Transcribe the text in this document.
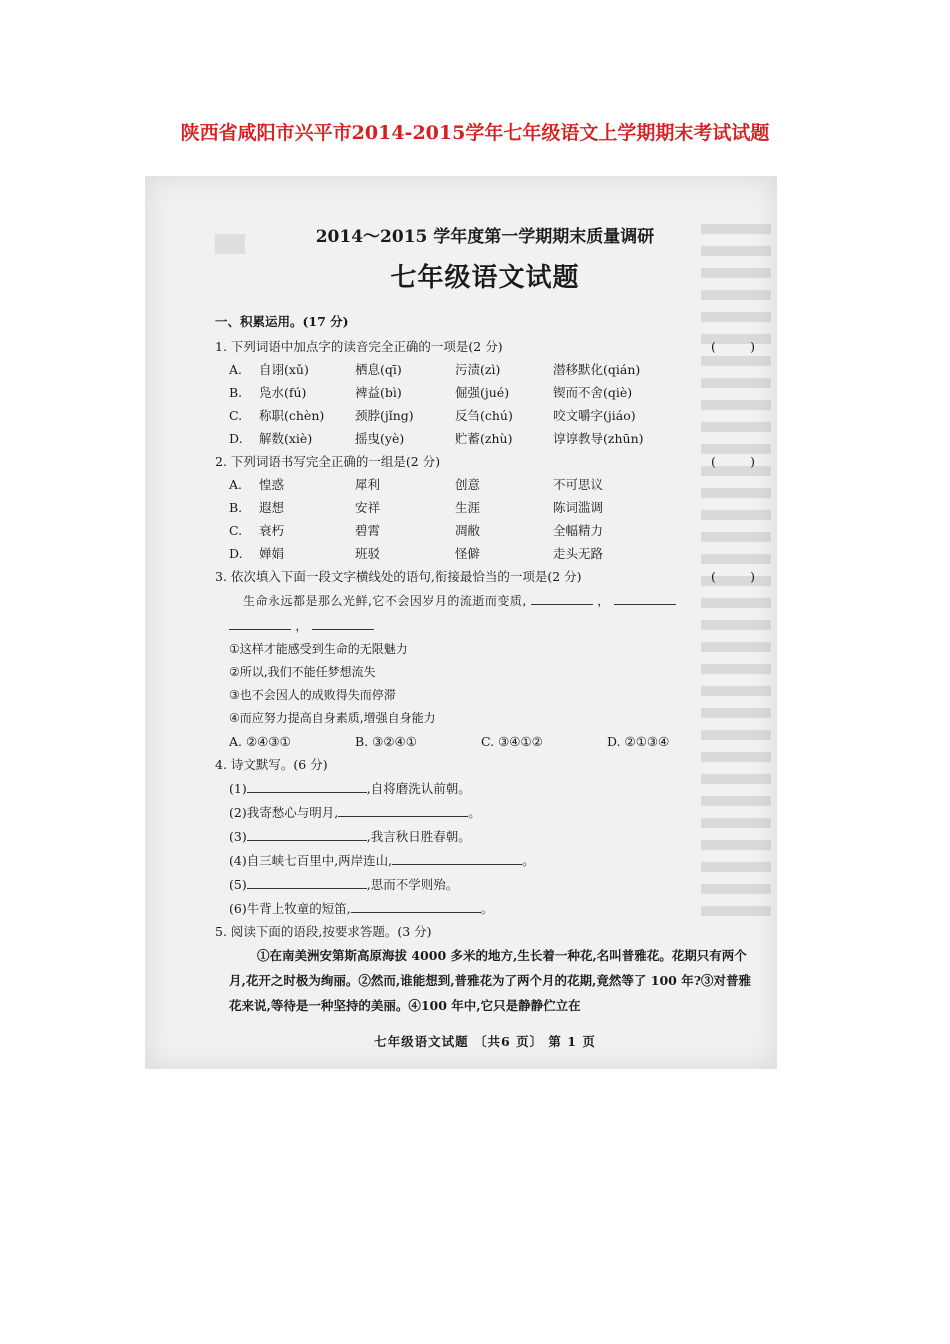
陕西省咸阳市兴平市2014-2015学年七年级语文上学期期末考试试题
2014～2015 学年度第一学期期末质量调研
七年级语文试题
一、积累运用。(17 分)
1. 下列词语中加点字的读音完全正确的一项是(2 分)	(	)
A.	自诩(xǔ)	栖息(qī)	污渍(zì)	潜移默化(qián)
B.	凫水(fú)	裨益(bì)	倔强(jué)	锲而不舍(qiè)
C.	称职(chèn)	颈脖(jǐng)	反刍(chú)	咬文嚼字(jiáo)
D.	解数(xiè)	摇曳(yè)	贮蓄(zhù)	谆谆教导(zhūn)
2. 下列词语书写完全正确的一组是(2 分)	(	)
A.	惶惑	犀利	创意	不可思议
B.	遐想	安祥	生涯	陈词滥调
C.	衰朽	碧霄	凋敝	全幅精力
D.	婵娟	班驳	怪僻	走头无路
3. 依次填入下面一段文字横线处的语句,衔接最恰当的一项是(2 分)	(	)
生命永远都是那么光鲜,它不会因岁月的流逝而变质,	，
，
①这样才能感受到生命的无限魅力
②所以,我们不能任梦想流失
③也不会因人的成败得失而停滞
④而应努力提高自身素质,增强自身能力
A. ②④③①	B. ③②④①	C. ③④①②	D. ②①③④
4. 诗文默写。(6 分)
(1)	,自将磨洗认前朝。
(2)我寄愁心与明月,	。
(3)	,我言秋日胜春朝。
(4)自三峡七百里中,两岸连山,	。
(5)	,思而不学则殆。
(6)牛背上牧童的短笛,	。
5. 阅读下面的语段,按要求答题。(3 分)
①在南美洲安第斯高原海拔 4000 多米的地方,生长着一种花,名叫普雅花。花期只有两个月,花开之时极为绚丽。②然而,谁能想到,普雅花为了两个月的花期,竟然等了 100 年?③对普雅花来说,等待是一种坚持的美丽。④100 年中,它只是静静伫立在
七年级语文试题 〔共6 页〕 第 1 页
